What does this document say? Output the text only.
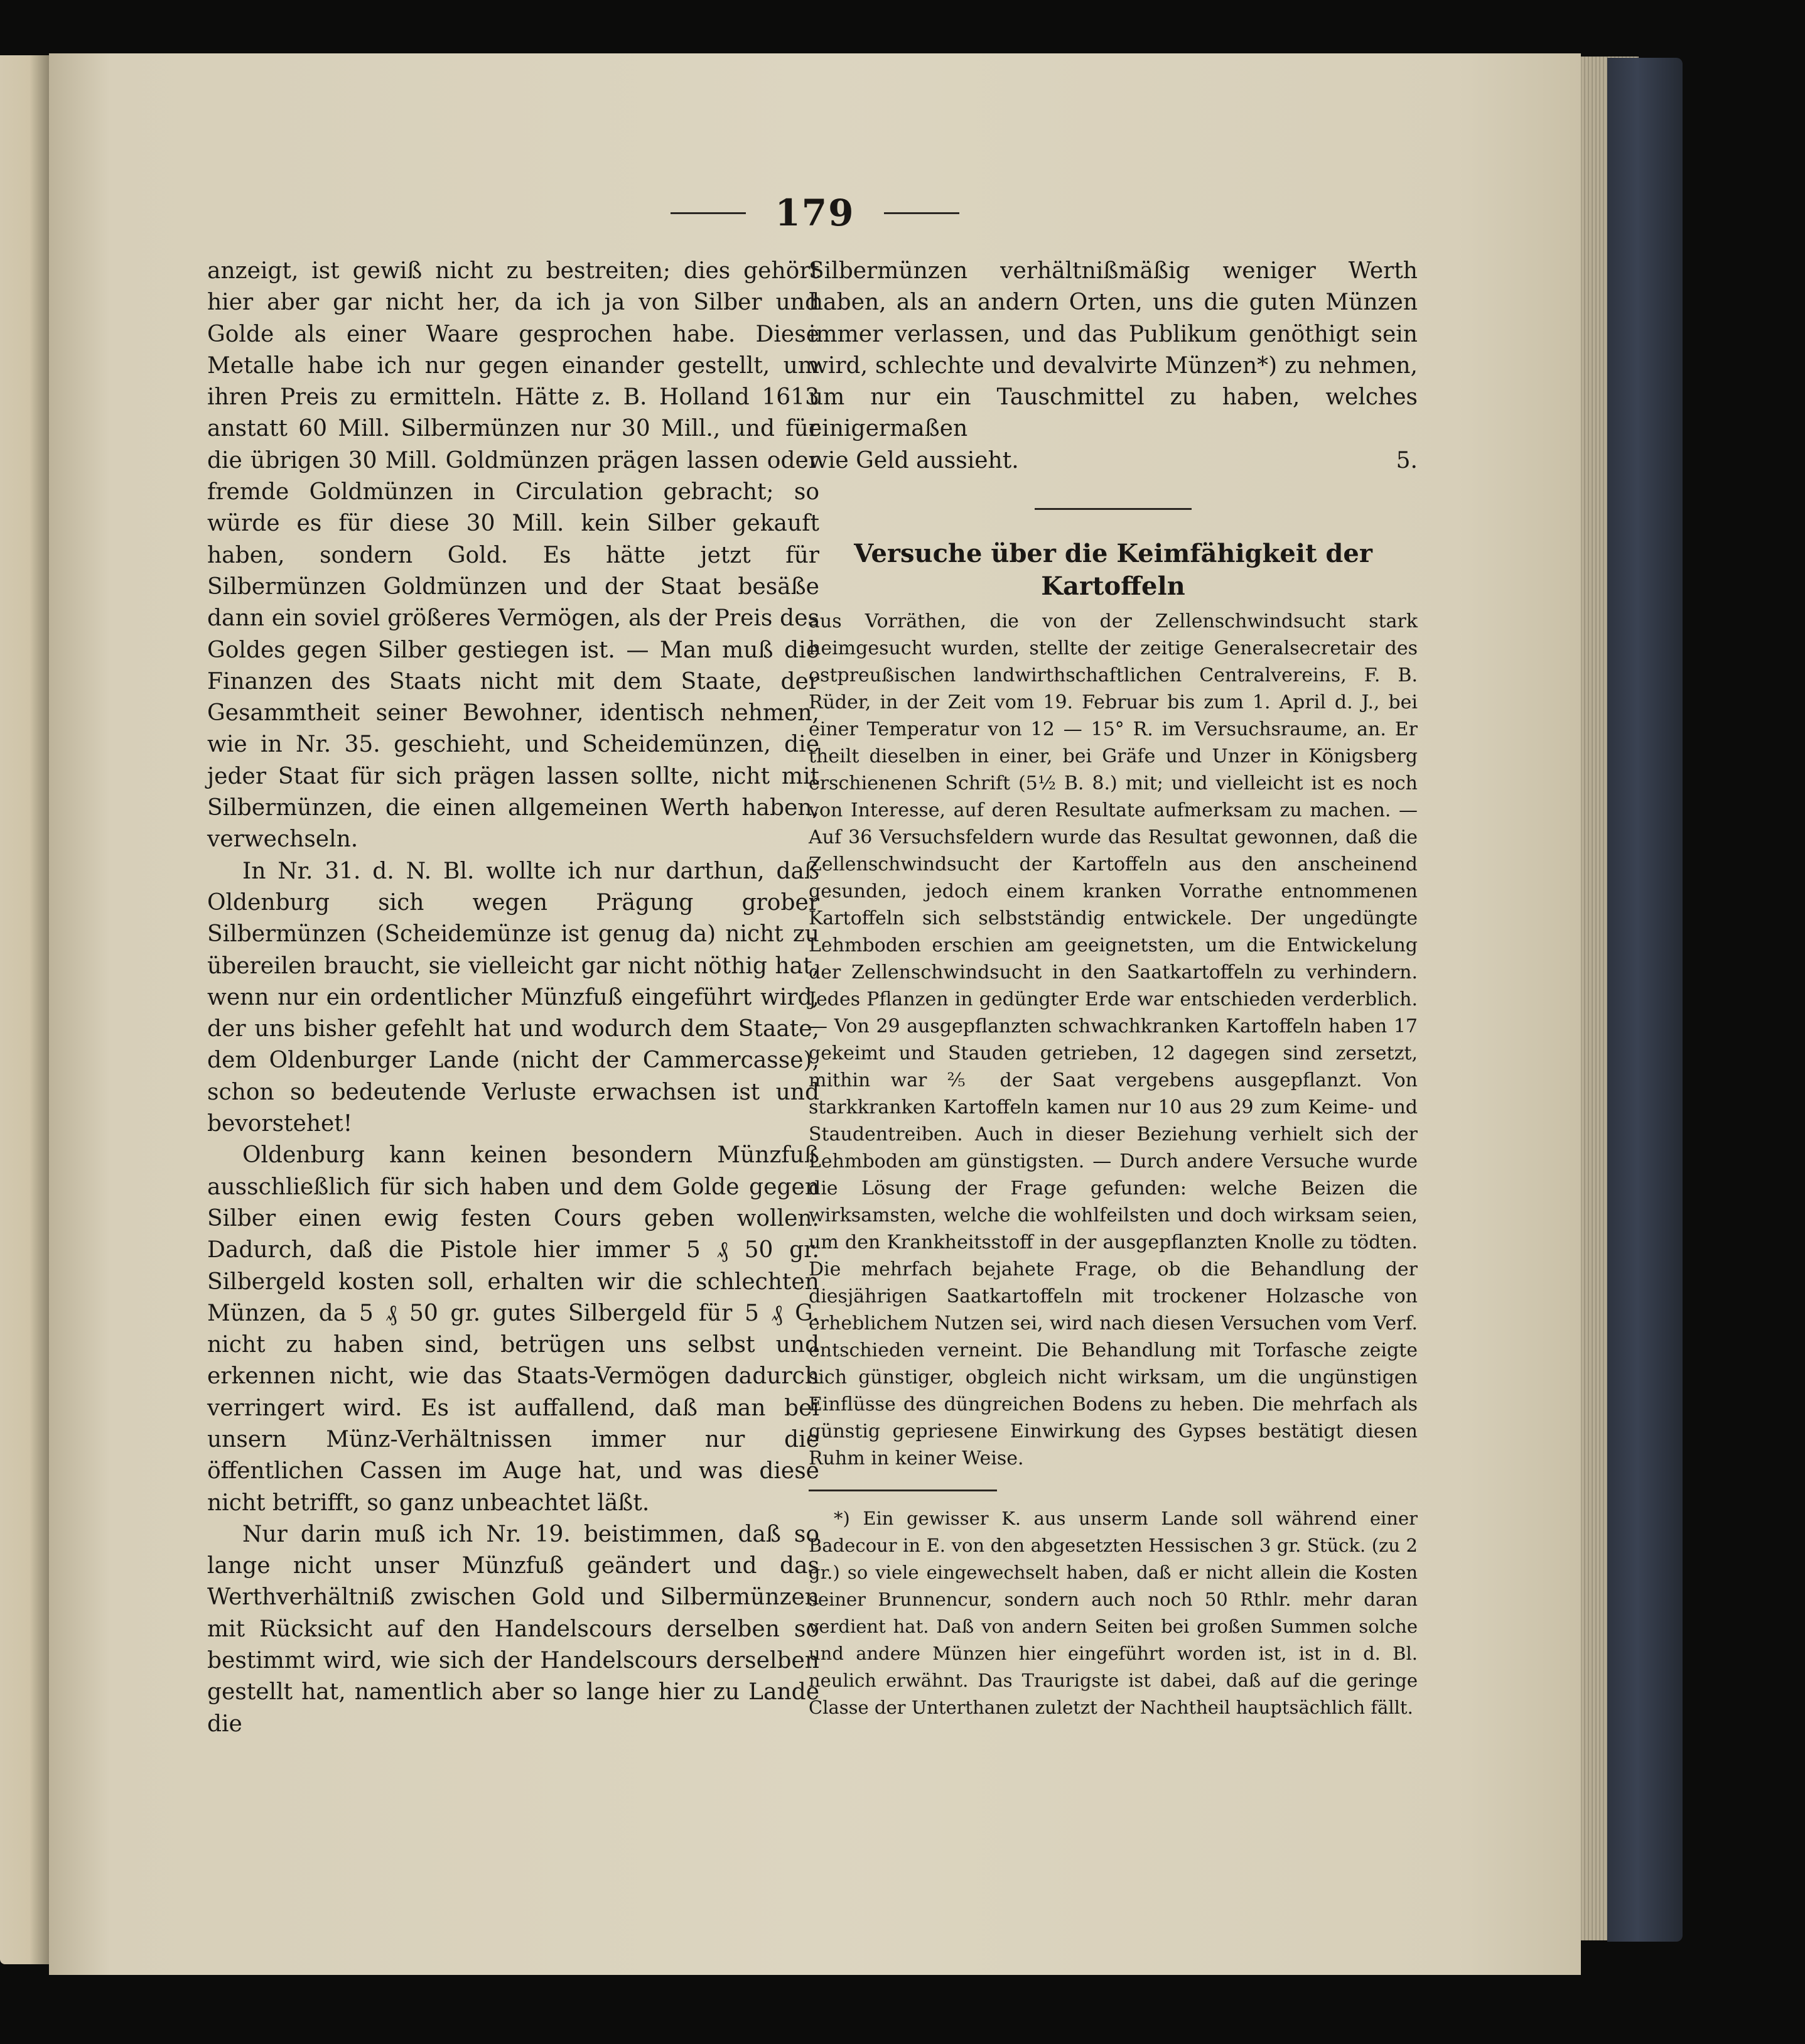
179

anzeigt, ist gewiß nicht zu bestreiten; dies gehört hier aber gar nicht her, da ich ja von Silber und Golde als einer Waare gesprochen habe. Diese Metalle habe ich nur gegen einander gestellt, um ihren Preis zu ermitteln. Hätte z. B. Holland 1613 anstatt 60 Mill. Silbermünzen nur 30 Mill., und für die übrigen 30 Mill. Goldmünzen prägen lassen oder fremde Goldmünzen in Circulation gebracht; so würde es für diese 30 Mill. kein Silber gekauft haben, sondern Gold. Es hätte jetzt für Silbermünzen Goldmünzen und der Staat besäße dann ein soviel größeres Vermögen, als der Preis des Goldes gegen Silber gestiegen ist. — Man muß die Finanzen des Staats nicht mit dem Staate, der Gesammtheit seiner Bewohner, identisch nehmen, wie in Nr. 35. geschieht, und Scheidemünzen, die jeder Staat für sich prägen lassen sollte, nicht mit Silbermünzen, die einen allgemeinen Werth haben, verwechseln.

In Nr. 31. d. N. Bl. wollte ich nur darthun, daß Oldenburg sich wegen Prägung grober Silbermünzen (Scheidemünze ist genug da) nicht zu übereilen braucht, sie vielleicht gar nicht nöthig hat, wenn nur ein ordentlicher Münzfuß eingeführt wird, der uns bisher gefehlt hat und wodurch dem Staate, dem Oldenburger Lande (nicht der Cammercasse), schon so bedeutende Verluste erwachsen ist und bevorstehet!

Oldenburg kann keinen besondern Münzfuß ausschließlich für sich haben und dem Golde gegen Silber einen ewig festen Cours geben wollen. Dadurch, daß die Pistole hier immer 5 ₰ 50 gr. Silbergeld kosten soll, erhalten wir die schlechten Münzen, da 5 ₰ 50 gr. gutes Silbergeld für 5 ₰ G. nicht zu haben sind, betrügen uns selbst und erkennen nicht, wie das Staats-Vermögen dadurch verringert wird. Es ist auffallend, daß man bei unsern Münz-Verhältnissen immer nur die öffentlichen Cassen im Auge hat, und was diese nicht betrifft, so ganz unbeachtet läßt.

Nur darin muß ich Nr. 19. beistimmen, daß so lange nicht unser Münzfuß geändert und das Werthverhältniß zwischen Gold und Silbermünzen mit Rücksicht auf den Handelscours derselben so bestimmt wird, wie sich der Handelscours derselben gestellt hat, namentlich aber so lange hier zu Lande die

Silbermünzen verhältnißmäßig weniger Werth haben, als an andern Orten, uns die guten Münzen immer verlassen, und das Publikum genöthigt sein wird, schlechte und devalvirte Münzen*) zu nehmen, um nur ein Tauschmittel zu haben, welches einigermaßen

wie Geld aussieht.	5.
Versuche über die Keimfähigkeit der Kartoffeln

aus Vorräthen, die von der Zellenschwindsucht stark heimgesucht wurden, stellte der zeitige Generalsecretair des ostpreußischen landwirthschaftlichen Centralvereins, F. B. Rüder, in der Zeit vom 19. Februar bis zum 1. April d. J., bei einer Temperatur von 12 — 15° R. im Versuchsraume, an. Er theilt dieselben in einer, bei Gräfe und Unzer in Königsberg erschienenen Schrift (5½ B. 8.) mit; und vielleicht ist es noch von Interesse, auf deren Resultate aufmerksam zu machen. — Auf 36 Versuchsfeldern wurde das Resultat gewonnen, daß die Zellenschwindsucht der Kartoffeln aus den anscheinend gesunden, jedoch einem kranken Vorrathe entnommenen Kartoffeln sich selbstständig entwickele. Der ungedüngte Lehmboden erschien am geeignetsten, um die Entwickelung der Zellenschwindsucht in den Saatkartoffeln zu verhindern. Jedes Pflanzen in gedüngter Erde war entschieden verderblich. — Von 29 ausgepflanzten schwachkranken Kartoffeln haben 17 gekeimt und Stauden getrieben, 12 dagegen sind zersetzt, mithin war ⅖ der Saat vergebens ausgepflanzt. Von starkkranken Kartoffeln kamen nur 10 aus 29 zum Keime- und Staudentreiben. Auch in dieser Beziehung verhielt sich der Lehmboden am günstigsten. — Durch andere Versuche wurde die Lösung der Frage gefunden: welche Beizen die wirksamsten, welche die wohlfeilsten und doch wirksam seien, um den Krankheitsstoff in der ausgepflanzten Knolle zu tödten. Die mehrfach bejahete Frage, ob die Behandlung der diesjährigen Saatkartoffeln mit trockener Holzasche von erheblichem Nutzen sei, wird nach diesen Versuchen vom Verf. entschieden verneint. Die Behandlung mit Torfasche zeigte sich günstiger, obgleich nicht wirksam, um die ungünstigen Einflüsse des düngreichen Bodens zu heben. Die mehrfach als günstig gepriesene Einwirkung des Gypses bestätigt diesen Ruhm in keiner Weise.

*) Ein gewisser K. aus unserm Lande soll während einer Badecour in E. von den abgesetzten Hessischen 3 gr. Stück. (zu 2 gr.) so viele eingewechselt haben, daß er nicht allein die Kosten seiner Brunnencur, sondern auch noch 50 Rthlr. mehr daran verdient hat. Daß von andern Seiten bei großen Summen solche und andere Münzen hier eingeführt worden ist, ist in d. Bl. neulich erwähnt. Das Traurigste ist dabei, daß auf die geringe Classe der Unterthanen zuletzt der Nachtheil hauptsächlich fällt.
